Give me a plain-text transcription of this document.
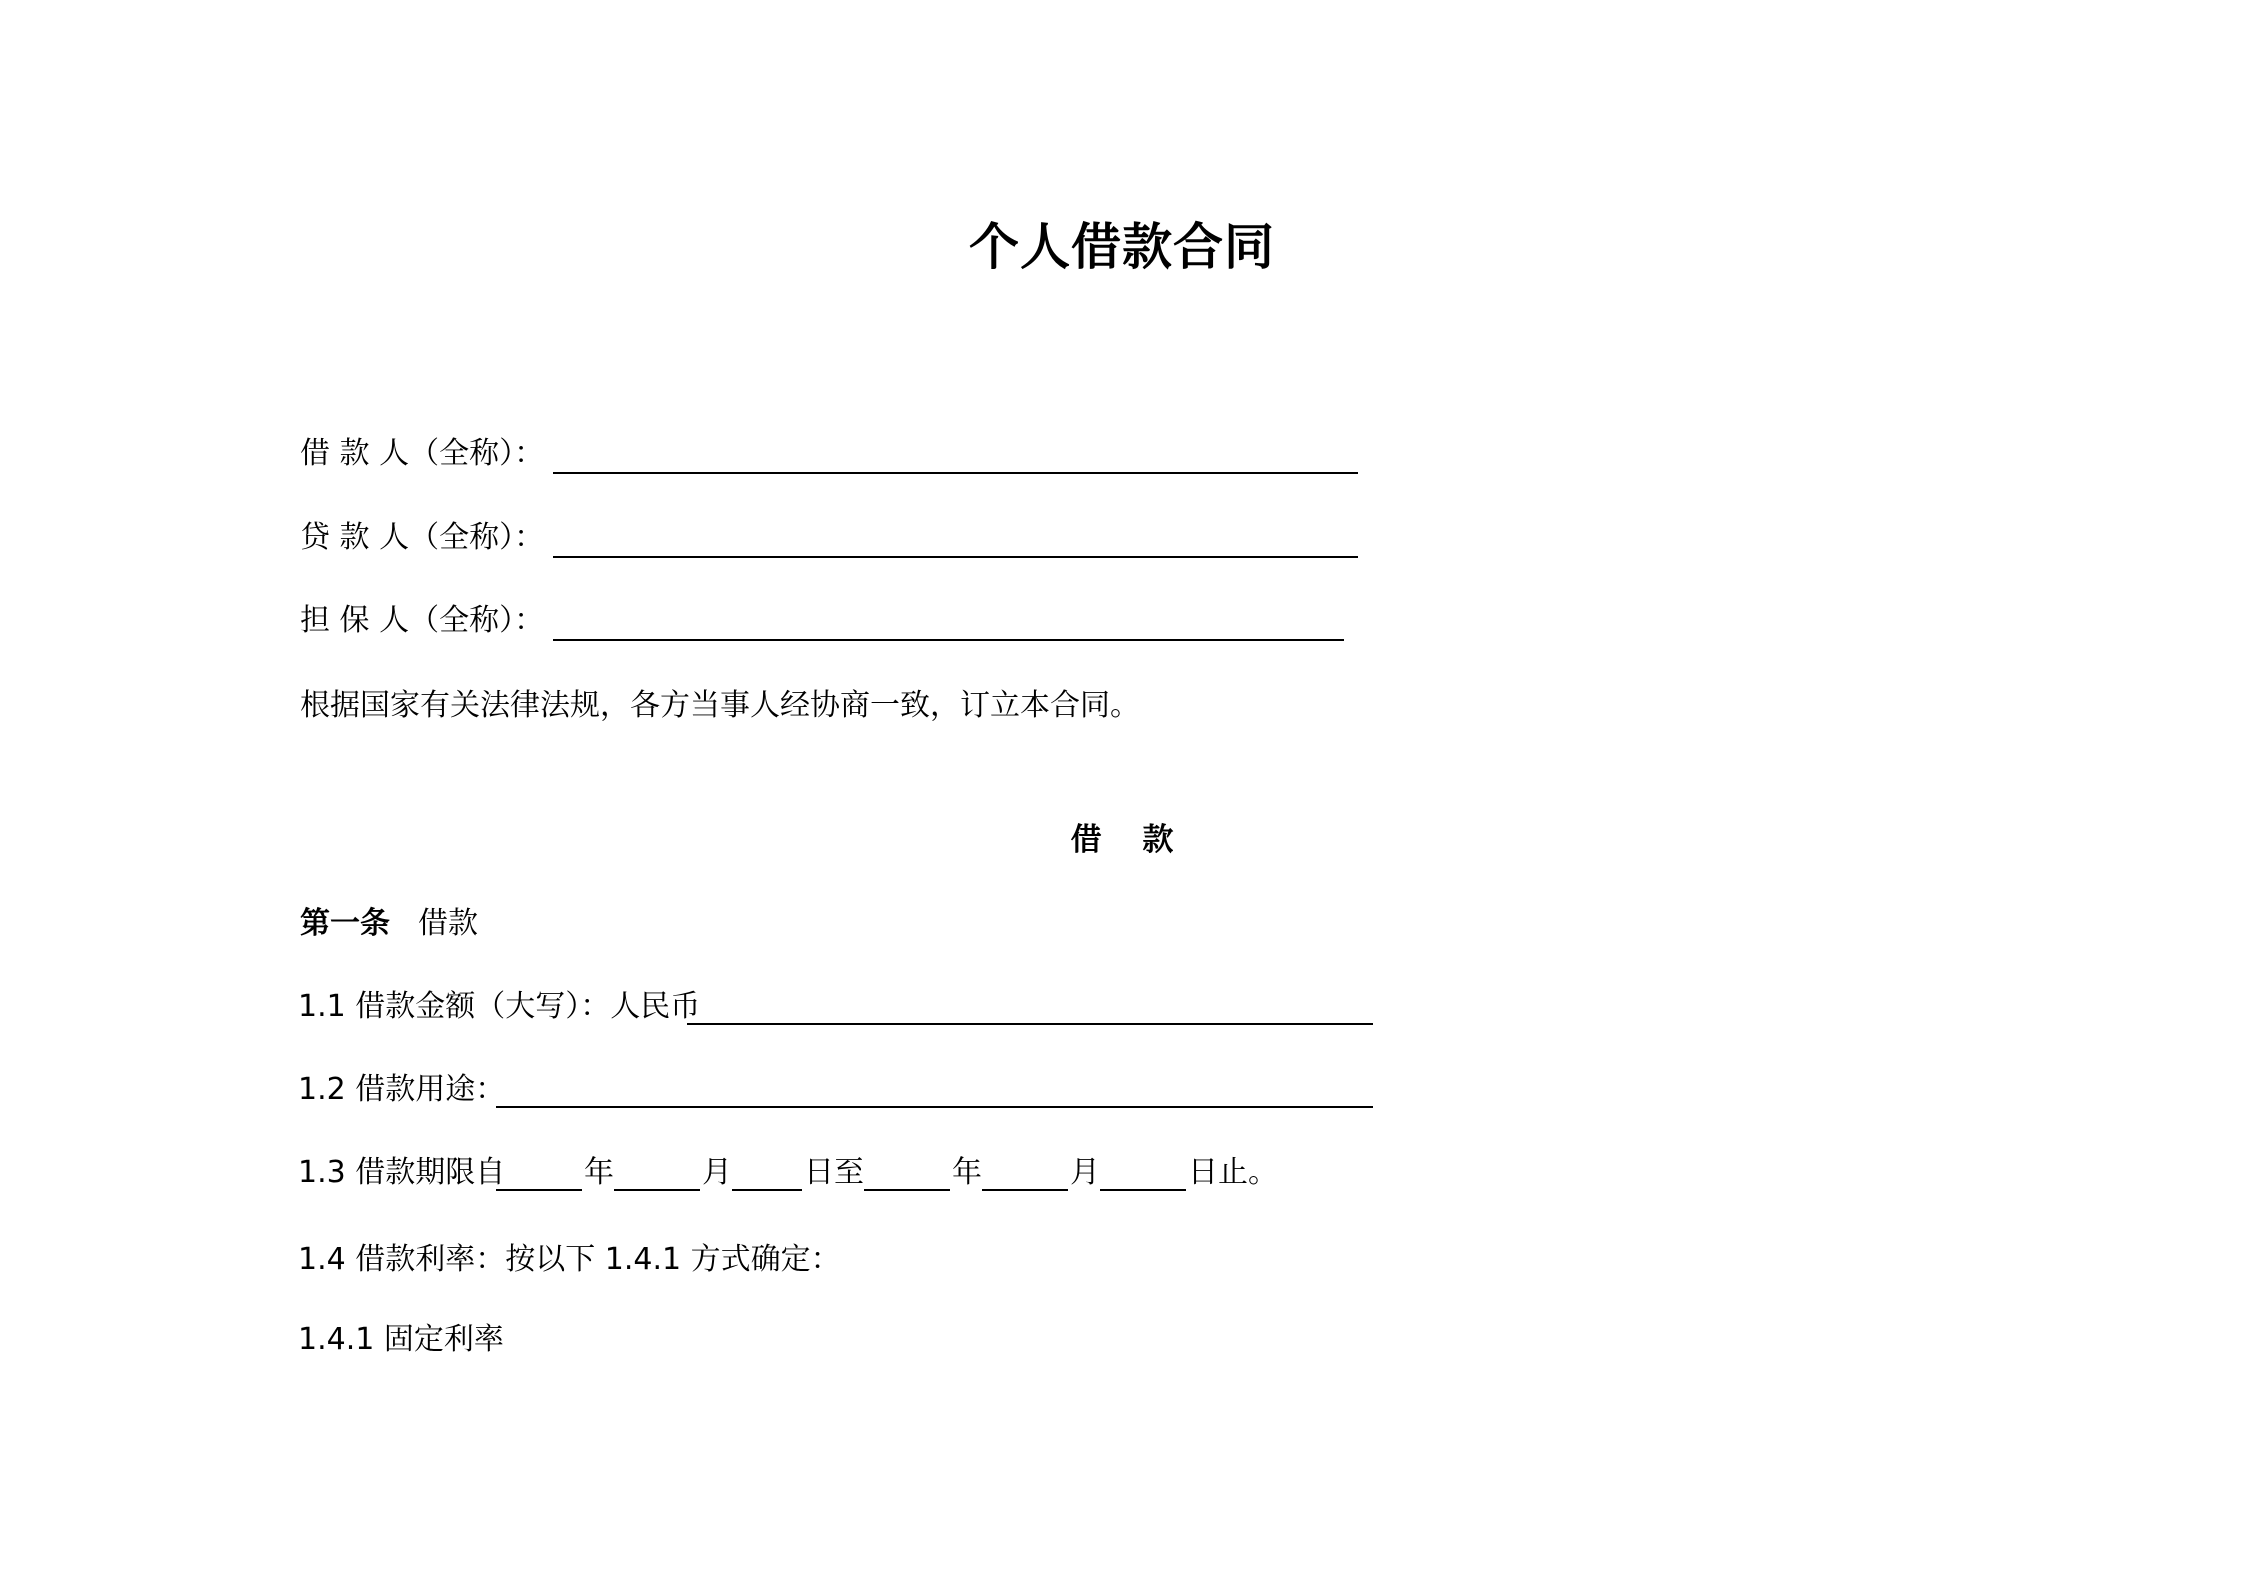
个人借款合同
借 款 人（全称）：
贷 款 人（全称）：
担 保 人（全称）：
根据国家有关法律法规，各方当事人经协商一致，订立本合同。
借 款
第一条 借款
1.1 借款金额（大写）：人民币
1.2 借款用途：
1.3 借款期限自	年	月 日至	年	月	日止。
1.4 借款利率：按以下 1.4.1 方式确定：
1.4.1 固定利率
